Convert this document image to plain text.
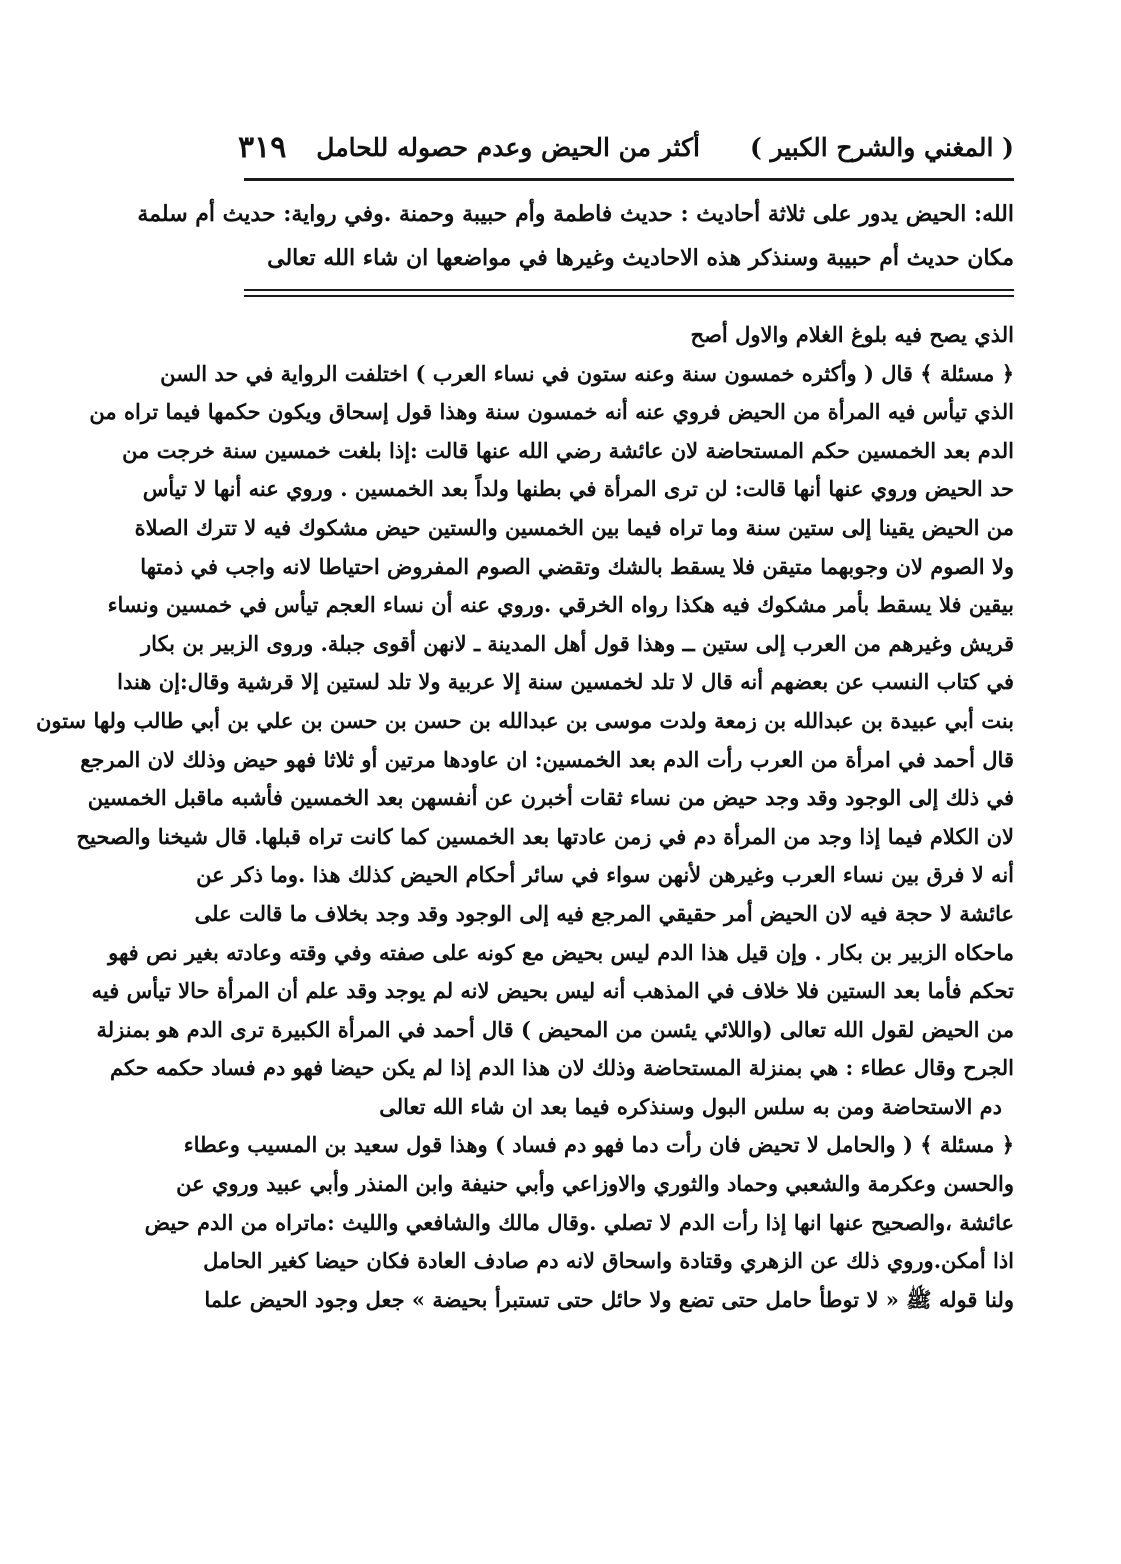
( المغني والشرح الكبير )
أكثر من الحيض وعدم حصوله للحامل
٣١٩

الله: الحيض يدور على ثلاثة أحاديث : حديث فاطمة وأم حبيبة وحمنة .وفي رواية: حديث أم سلمة

مكان حديث أم حبيبة وسنذكر هذه الاحاديث وغيرها في مواضعها ان شاء الله تعالى

الذي يصح فيه بلوغ الغلام والاول أصح
﴿ مسئلة ﴾ قال ( وأكثره خمسون سنة وعنه ستون في نساء العرب ) اختلفت الرواية في حد السن
الذي تيأس فيه المرأة من الحيض فروي عنه أنه خمسون سنة وهذا قول إسحاق ويكون حكمها فيما تراه من
الدم بعد الخمسين حكم المستحاضة لان عائشة رضي الله عنها قالت :إذا بلغت خمسين سنة خرجت من
حد الحيض وروي عنها أنها قالت: لن ترى المرأة في بطنها ولداً بعد الخمسين . وروي عنه أنها لا تيأس
من الحيض يقينا إلى ستين سنة وما تراه فيما بين الخمسين والستين حيض مشكوك فيه لا تترك الصلاة
ولا الصوم لان وجوبهما متيقن فلا يسقط بالشك وتقضي الصوم المفروض احتياطا لانه واجب في ذمتها
بيقين فلا يسقط بأمر مشكوك فيه هكذا رواه الخرقي .وروي عنه أن نساء العجم تيأس في خمسين ونساء
قريش وغيرهم من العرب إلى ستين ــ وهذا قول أهل المدينة ـ لانهن أقوى جبلة. وروى الزبير بن بكار
في كتاب النسب عن بعضهم أنه قال لا تلد لخمسين سنة إلا عربية ولا تلد لستين إلا قرشية وقال:إن هندا
بنت أبي عبيدة بن عبدالله بن زمعة ولدت موسى بن عبدالله بن حسن بن حسن بن علي بن أبي طالب ولها ستون
قال أحمد في امرأة من العرب رأت الدم بعد الخمسين: ان عاودها مرتين أو ثلاثا فهو حيض وذلك لان المرجع
في ذلك إلى الوجود وقد وجد حيض من نساء ثقات أخبرن عن أنفسهن بعد الخمسين فأشبه ماقبل الخمسين
لان الكلام فيما إذا وجد من المرأة دم في زمن عادتها بعد الخمسين كما كانت تراه قبلها. قال شيخنا والصحيح
أنه لا فرق بين نساء العرب وغيرهن لأنهن سواء في سائر أحكام الحيض كذلك هذا .وما ذكر عن
عائشة لا حجة فيه لان الحيض أمر حقيقي المرجع فيه إلى الوجود وقد وجد بخلاف ما قالت على
ماحكاه الزبير بن بكار . وإن قيل هذا الدم ليس بحيض مع كونه على صفته وفي وقته وعادته بغير نص فهو
تحكم فأما بعد الستين فلا خلاف في المذهب أنه ليس بحيض لانه لم يوجد وقد علم أن المرأة حالا تيأس فيه
من الحيض لقول الله تعالى (واللائي يئسن من المحيض ) قال أحمد في المرأة الكبيرة ترى الدم هو بمنزلة
الجرح وقال عطاء : هي بمنزلة المستحاضة وذلك لان هذا الدم إذا لم يكن حيضا فهو دم فساد حكمه حكم
دم الاستحاضة ومن به سلس البول وسنذكره فيما بعد ان شاء الله تعالى
﴿ مسئلة ﴾ ( والحامل لا تحيض فان رأت دما فهو دم فساد ) وهذا قول سعيد بن المسيب وعطاء
والحسن وعكرمة والشعبي وحماد والثوري والاوزاعي وأبي حنيفة وابن المنذر وأبي عبيد وروي عن
عائشة ،والصحيح عنها انها إذا رأت الدم لا تصلي .وقال مالك والشافعي والليث :ماتراه من الدم حيض
اذا أمكن.وروي ذلك عن الزهري وقتادة واسحاق لانه دم صادف العادة فكان حيضا كغير الحامل
ولنا قوله ﷺ « لا توطأ حامل حتى تضع ولا حائل حتى تستبرأ بحيضة » جعل وجود الحيض علما
